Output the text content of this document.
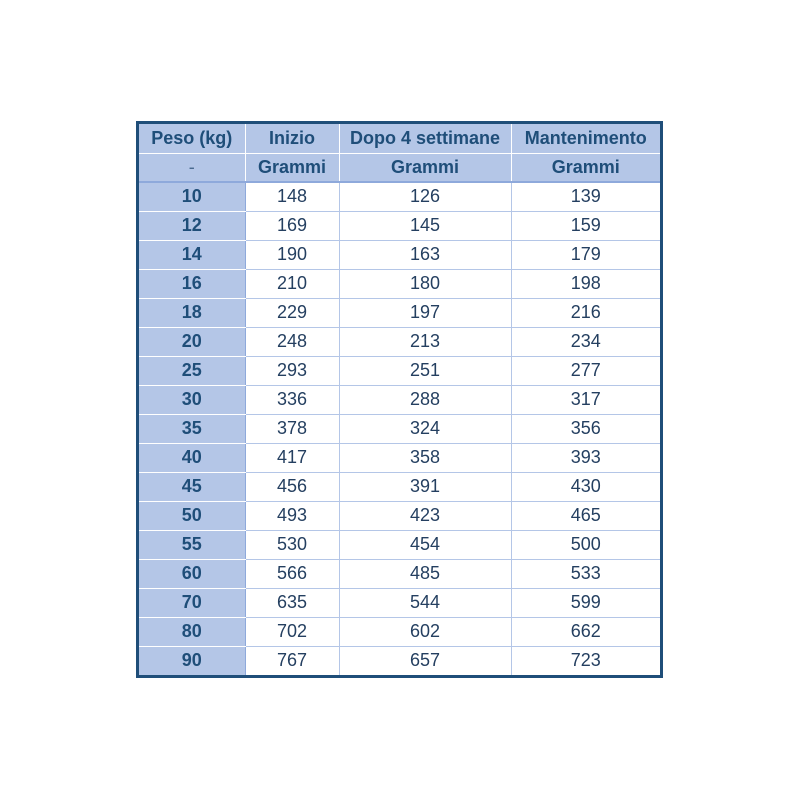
Peso (kg)	Inizio	Dopo 4 settimane	Mantenimento
-	Grammi	Grammi	Grammi
10	148	126	139
12	169	145	159
14	190	163	179
16	210	180	198
18	229	197	216
20	248	213	234
25	293	251	277
30	336	288	317
35	378	324	356
40	417	358	393
45	456	391	430
50	493	423	465
55	530	454	500
60	566	485	533
70	635	544	599
80	702	602	662
90	767	657	723
